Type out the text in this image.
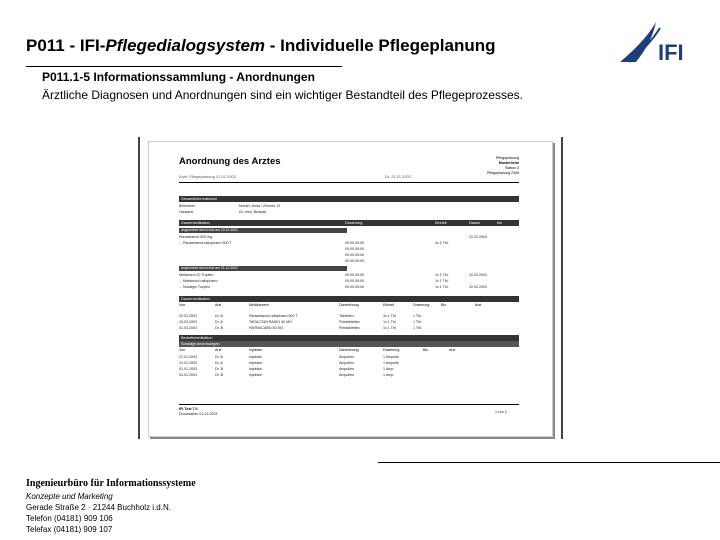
P011 - IFI-Pflegedialogsystem - Individuelle Pflegeplanung	IFI
P011.1-5 Informationssammlung - Anordnungen
Ärztliche Diagnosen und Anordnungen sind ein wichtiger Bestandteil des Pflegeprozesses.
Anordnung des Arztes
Ärztl. Pflegeplanung 21.01.2002	Dr. 21.11.2002
Pflegeplanung
Musterheim
Station 3
Pflegeplanung 2345
Gesamtinformationen
Bewohner	Muster, Anna / Zimmer 12
Hausarzt	Dr. med. Beispiel
Dauermedikation	Dosierung	Einheit	Datum	bis
angeordnet durch Arzt am 22.12.2002
Paracetamol 500 mg	22.02.2003
... Paracetamol-ratiopharm 500 T	00:00-00:00	4x 1 Tbl.
00:00-00:00
00:00-00:00
00:00-00:00
angeordnet durch Arzt am 21.12.2002
Metamizol 20 Tropfen	00:00-00:00	1x 1 Tbl.	22.02.2003
... Metamizol ratiopharm	00:00-00:00	1x 1 Tbl.
... Novalgin Tropfen	00:00-00:00	1x 1 Tbl.	22.02.2003
Dauermedikation
Von	Arzt	Medikament	Darreichung	Einheit	Dosierung	Bis	Arzt
23.03.2003	Dr. A	Paracetamol-ratiopharm 500 T	Tabletten	3x 1 Tbl.	1 Tbl.
15.03.2003	Dr. A	TARACTAN RADIO 50 MG	Filmtabletten	1x 1 Tbl.	1 Tbl.
01.03.2003	Dr. B	FARMACARD 50 MG	Filmtabletten	1x 1 Tbl.	1 Tbl.
Bedarfsmedikation
Sonstige Anordnungen
Von	Arzt	Injektion	Darreichung	Dosierung	Bis	Arzt
21.01.2003	Dr. A	Injektion	Ampullen	1 Ampulle
24.01.2003	Dr. A	Injektion	Ampullen	1 Ampulle
01.01.2003	Dr. B	Injektion	Ampullen	1 Amp.
04.01.2003	Dr. B	Injektion	Ampullen	1 Amp.
IFI-Test 7.0
Druckdatum 01.01.2003	1 von 2
Ingenieurbüro für Informationssysteme
Konzepte und Marketing
Gerade Straße 2 · 21244 Buchholz i.d.N.
Telefon (04181) 909 106
Telefax (04181) 909 107
